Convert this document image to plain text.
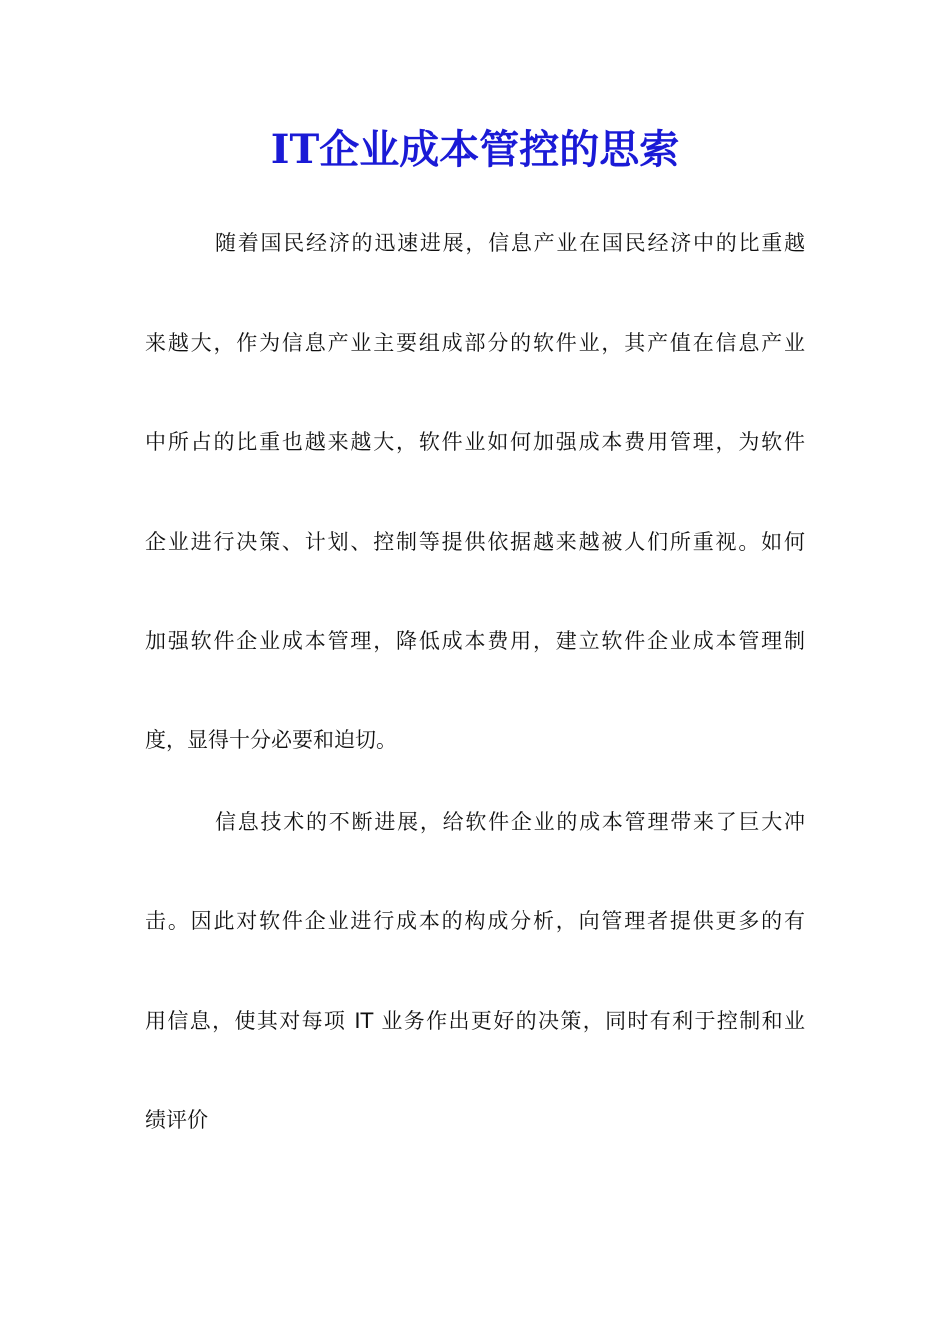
IT企业成本管控的思索

随着国民经济的迅速进展，信息产业在国民经济中的比重越

来越大，作为信息产业主要组成部分的软件业，其产值在信息产业

中所占的比重也越来越大，软件业如何加强成本费用管理，为软件

企业进行决策、计划、控制等提供依据越来越被人们所重视。如何

加强软件企业成本管理，降低成本费用，建立软件企业成本管理制

度，显得十分必要和迫切。

信息技术的不断进展，给软件企业的成本管理带来了巨大冲

击。因此对软件企业进行成本的构成分析，向管理者提供更多的有

用信息，使其对每项 IT 业务作出更好的决策，同时有利于控制和业

绩评价
